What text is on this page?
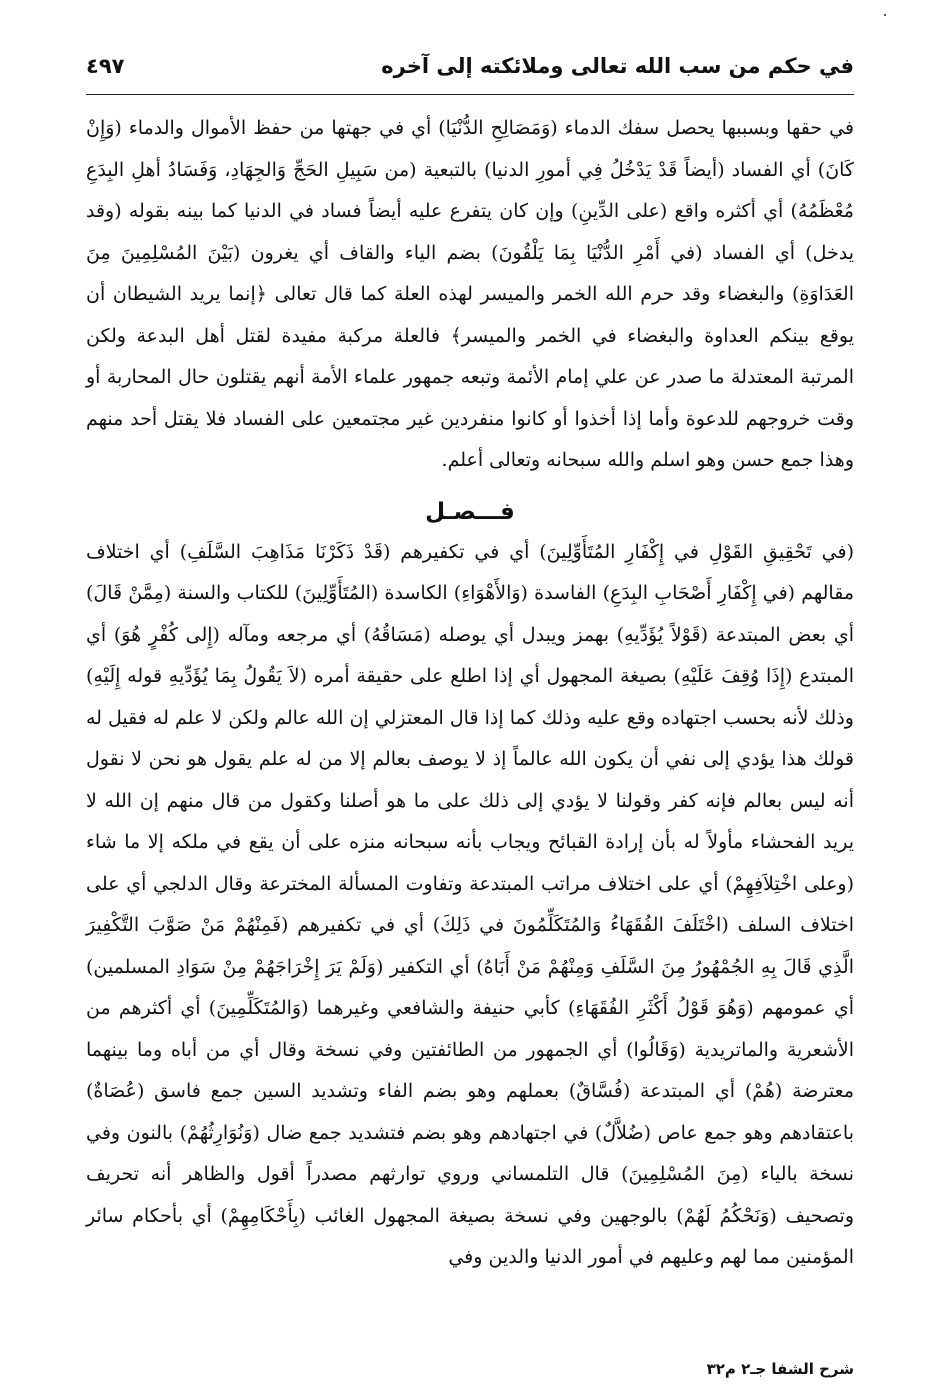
في حكم من سب الله تعالى وملائكته إلى آخره
٤٩٧

في حقها وبسببها يحصل سفك الدماء (وَمَصَالِحِ الدُّنْيَا) أي في جهتها من حفظ الأموال والدماء (وَإِنْ كَانَ) أي الفساد (أيضاً قَدْ يَدْخُلُ فِي أمورِ الدنيا) بالتبعية (من سَبِيلِ الحَجِّ وَالجِهَادِ، وَفَسَادُ أهلِ البِدَعِ مُعْظَمُهُ) أي أكثره واقع (على الدِّينِ) وإن كان يتفرع عليه أيضاً فساد في الدنيا كما بينه بقوله (وقد يدخل) أي الفساد (في أَمْرِ الدُّنْيَا بِمَا يَلْقُونَ) بضم الياء والقاف أي يغرون (بَيْنَ المُسْلِمِينَ مِنَ العَدَاوَةِ) والبغضاء وقد حرم الله الخمر والميسر لهذه العلة كما قال تعالى ﴿إنما يريد الشيطان أن يوقع بينكم العداوة والبغضاء في الخمر والميسر﴾ فالعلة مركبة مفيدة لقتل أهل البدعة ولكن المرتبة المعتدلة ما صدر عن علي إمام الأئمة وتبعه جمهور علماء الأمة أنهم يقتلون حال المحاربة أو وقت خروجهم للدعوة وأما إذا أخذوا أو كانوا منفردين غير مجتمعين على الفساد فلا يقتل أحد منهم وهذا جمع حسن وهو اسلم والله سبحانه وتعالى أعلم.

فـــصـل

(في تَحْقِيقِ القَوْلِ في إِكْفَارِ المُتَأَوِّلِينَ) أي في تكفيرهم (قَدْ ذَكَرْنَا مَذَاهِبَ السَّلَفِ) أي اختلاف مقالهم (في إِكْفَارِ أَصْحَابِ البِدَعِ) الفاسدة (وَالأَهْوَاءِ) الكاسدة (المُتَأَوِّلِينَ) للكتاب والسنة (مِمَّنْ قَالَ) أي بعض المبتدعة (قَوْلاً يُؤَدِّيهِ) بهمز ويبدل أي يوصله (مَسَاقُهُ) أي مرجعه ومآله (إِلى كُفْرٍ هُوَ) أي المبتدع (إِذَا وُقِفَ عَلَيْهِ) بصيغة المجهول أي إذا اطلع على حقيقة أمره (لاَ يَقُولُ بِمَا يُؤَدِّيهِ قوله إِلَيْهِ) وذلك لأنه بحسب اجتهاده وقع عليه وذلك كما إذا قال المعتزلي إن الله عالم ولكن لا علم له فقيل له قولك هذا يؤدي إلى نفي أن يكون الله عالماً إذ لا يوصف بعالم إلا من له علم يقول هو نحن لا نقول أنه ليس بعالم فإنه كفر وقولنا لا يؤدي إلى ذلك على ما هو أصلنا وكقول من قال منهم إن الله لا يريد الفحشاء مأولاً له بأن إرادة القبائح ويجاب بأنه سبحانه منزه على أن يقع في ملكه إلا ما شاء (وعلى اخْتِلاَفِهِمْ) أي على اختلاف مراتب المبتدعة وتفاوت المسألة المخترعة وقال الدلجي أي على اختلاف السلف (اخْتَلَفَ الفُقَهَاءُ وَالمُتَكَلِّمُونَ في ذَلِكَ) أي في تكفيرهم (فَمِنْهُمْ مَنْ صَوَّبَ التَّكْفِيرَ الَّذِي قَالَ بِهِ الجُمْهُورُ مِنَ السَّلَفِ وَمِنْهُمْ مَنْ أَبَاهُ) أي التكفير (وَلَمْ يَرَ إِخْرَاجَهُمْ مِنْ سَوَادِ المسلمين) أي عمومهم (وَهُوَ قَوْلُ أَكْثَرِ الفُقَهَاءِ) كأبي حنيفة والشافعي وغيرهما (وَالمُتَكَلِّمِينَ) أي أكثرهم من الأشعرية والماتريدية (وَقَالُوا) أي الجمهور من الطائفتين وفي نسخة وقال أي من أباه وما بينهما معترضة (هُمْ) أي المبتدعة (فُسَّاقٌ) بعملهم وهو بضم الفاء وتشديد السين جمع فاسق (عُصَاةٌ) باعتقادهم وهو جمع عاص (ضُلاَّلٌ) في اجتهادهم وهو بضم فتشديد جمع ضال (وَنُوَارِثُهُمْ) بالنون وفي نسخة بالياء (مِنَ المُسْلِمِينَ) قال التلمساني وروي توارثهم مصدراً أقول والظاهر أنه تحريف وتصحيف (وَنَحْكُمُ لَهُمْ) بالوجهين وفي نسخة بصيغة المجهول الغائب (بِأَحْكَامِهِمْ) أي بأحكام سائر المؤمنين مما لهم وعليهم في أمور الدنيا والدين وفي

شرح الشفا جـ٢ م٣٢
